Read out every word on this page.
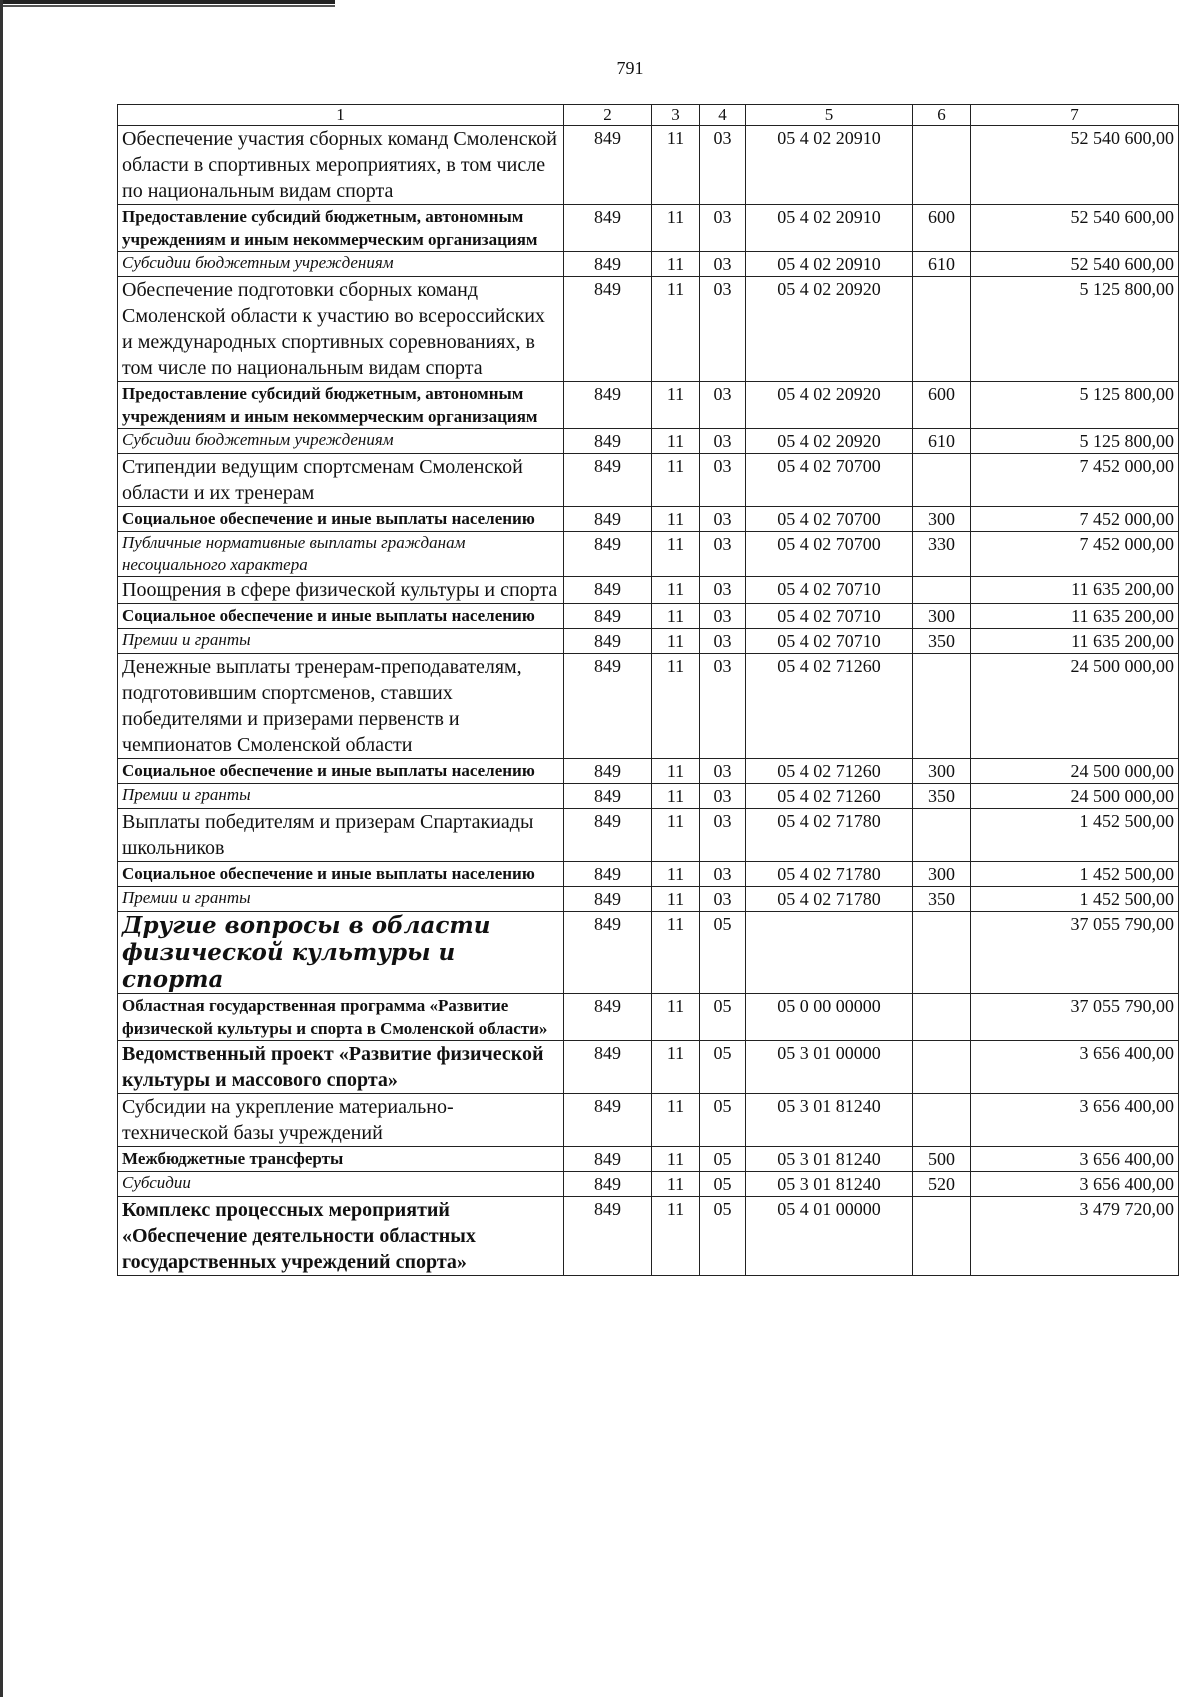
791
1	2	3	4	5	6	7
Обеспечение участия сборных команд Смоленской области в спортивных мероприятиях, в том числе по национальным видам спорта	849	11	03	05 4 02 20910		52 540 600,00
Предоставление субсидий бюджетным, автономным учреждениям и иным некоммерческим организациям	849	11	03	05 4 02 20910	600	52 540 600,00
Субсидии бюджетным учреждениям	849	11	03	05 4 02 20910	610	52 540 600,00
Обеспечение подготовки сборных команд Смоленской области к участию во всероссийских и международных спортивных соревнованиях, в том числе по национальным видам спорта	849	11	03	05 4 02 20920		5 125 800,00
Предоставление субсидий бюджетным, автономным учреждениям и иным некоммерческим организациям	849	11	03	05 4 02 20920	600	5 125 800,00
Субсидии бюджетным учреждениям	849	11	03	05 4 02 20920	610	5 125 800,00
Стипендии ведущим спортсменам Смоленской области и их тренерам	849	11	03	05 4 02 70700		7 452 000,00
Социальное обеспечение и иные выплаты населению	849	11	03	05 4 02 70700	300	7 452 000,00
Публичные нормативные выплаты гражданам несоциального характера	849	11	03	05 4 02 70700	330	7 452 000,00
Поощрения в сфере физической культуры и спорта	849	11	03	05 4 02 70710		11 635 200,00
Социальное обеспечение и иные выплаты населению	849	11	03	05 4 02 70710	300	11 635 200,00
Премии и гранты	849	11	03	05 4 02 70710	350	11 635 200,00
Денежные выплаты тренерам-преподавателям, подготовившим спортсменов, ставших победителями и призерами первенств и чемпионатов Смоленской области	849	11	03	05 4 02 71260		24 500 000,00
Социальное обеспечение и иные выплаты населению	849	11	03	05 4 02 71260	300	24 500 000,00
Премии и гранты	849	11	03	05 4 02 71260	350	24 500 000,00
Выплаты победителям и призерам Спартакиады школьников	849	11	03	05 4 02 71780		1 452 500,00
Социальное обеспечение и иные выплаты населению	849	11	03	05 4 02 71780	300	1 452 500,00
Премии и гранты	849	11	03	05 4 02 71780	350	1 452 500,00
Другие вопросы в области физической культуры и спорта	849	11	05			37 055 790,00
Областная государственная программа «Развитие физической культуры и спорта в Смоленской области»	849	11	05	05 0 00 00000		37 055 790,00
Ведомственный проект «Развитие физической культуры и массового спорта»	849	11	05	05 3 01 00000		3 656 400,00
Субсидии на укрепление материально-технической базы учреждений	849	11	05	05 3 01 81240		3 656 400,00
Межбюджетные трансферты	849	11	05	05 3 01 81240	500	3 656 400,00
Субсидии	849	11	05	05 3 01 81240	520	3 656 400,00
Комплекс процессных мероприятий «Обеспечение деятельности областных государственных учреждений спорта»	849	11	05	05 4 01 00000		3 479 720,00
